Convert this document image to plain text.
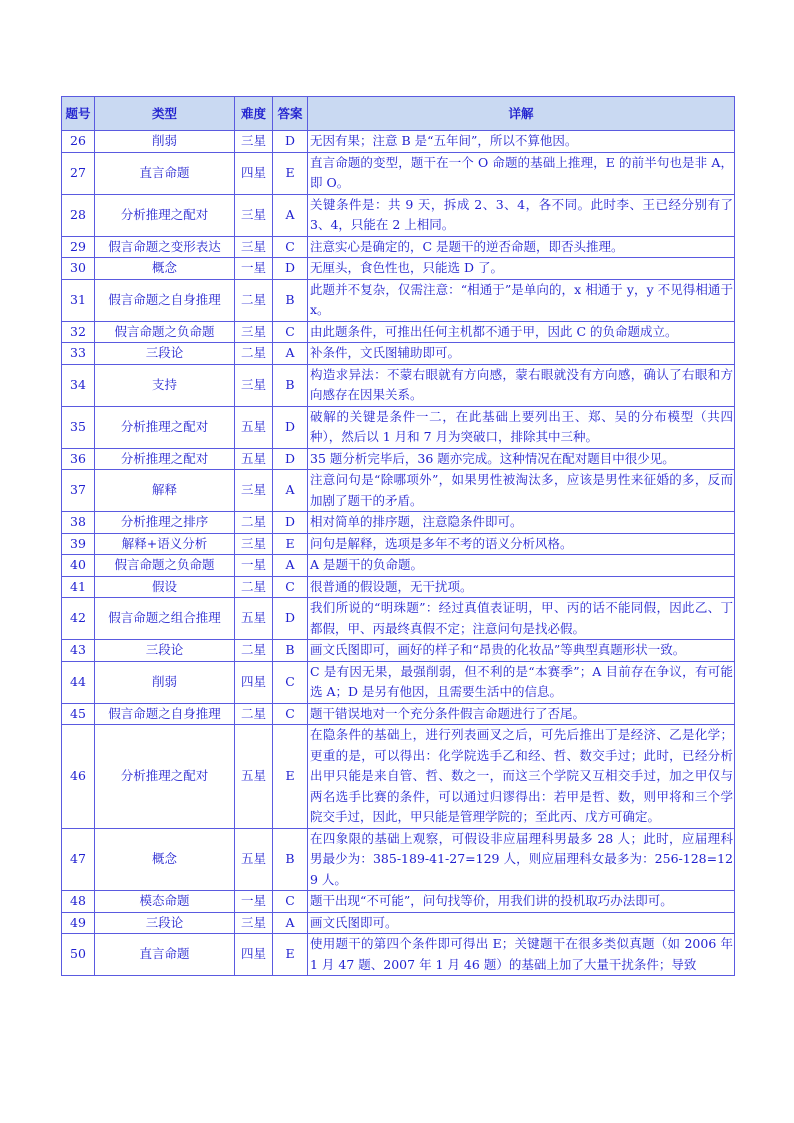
题号	类型	难度	答案	详解
26	削弱	三星	D	无因有果；注意 B 是“五年间”，所以不算他因。
27	直言命题	四星	E	直言命题的变型，题干在一个 O 命题的基础上推理，E 的前半句也是非 A，即 O。
28	分析推理之配对	三星	A	关键条件是：共 9 天，拆成 2、3、4，各不同。此时李、王已经分别有了 3、4，只能在 2 上相同。
29	假言命题之变形表达	三星	C	注意实心是确定的，C 是题干的逆否命题，即否头推理。
30	概念	一星	D	无厘头，食色性也，只能选 D 了。
31	假言命题之自身推理	二星	B	此题并不复杂，仅需注意：“相通于”是单向的，x 相通于 y，y 不见得相通于 x。
32	假言命题之负命题	三星	C	由此题条件，可推出任何主机都不通于甲，因此 C 的负命题成立。
33	三段论	二星	A	补条件，文氏图辅助即可。
34	支持	三星	B	构造求异法：不蒙右眼就有方向感，蒙右眼就没有方向感，确认了右眼和方向感存在因果关系。
35	分析推理之配对	五星	D	破解的关键是条件一二，在此基础上要列出王、郑、吴的分布模型（共四种），然后以 1 月和 7 月为突破口，排除其中三种。
36	分析推理之配对	五星	D	35 题分析完毕后，36 题亦完成。这种情况在配对题目中很少见。
37	解释	三星	A	注意问句是“除哪项外”，如果男性被淘汰多，应该是男性来征婚的多，反而加剧了题干的矛盾。
38	分析推理之排序	二星	D	相对简单的排序题，注意隐条件即可。
39	解释+语义分析	三星	E	问句是解释，选项是多年不考的语义分析风格。
40	假言命题之负命题	一星	A	A 是题干的负命题。
41	假设	二星	C	很普通的假设题，无干扰项。
42	假言命题之组合推理	五星	D	我们所说的“明珠题”：经过真值表证明，甲、丙的话不能同假，因此乙、丁都假，甲、丙最终真假不定；注意问句是找必假。
43	三段论	二星	B	画文氏图即可，画好的样子和“昂贵的化妆品”等典型真题形状一致。
44	削弱	四星	C	C 是有因无果，最强削弱，但不利的是“本赛季”；A 目前存在争议，有可能选 A；D 是另有他因，且需要生活中的信息。
45	假言命题之自身推理	二星	C	题干错误地对一个充分条件假言命题进行了否尾。
46	分析推理之配对	五星	E	在隐条件的基础上，进行列表画叉之后，可先后推出丁是经济、乙是化学；更重的是，可以得出：化学院选手乙和经、哲、数交手过；此时，已经分析出甲只能是来自管、哲、数之一，而这三个学院又互相交手过，加之甲仅与两名选手比赛的条件，可以通过归谬得出：若甲是哲、数，则甲将和三个学院交手过，因此，甲只能是管理学院的；至此丙、戊方可确定。
47	概念	五星	B	在四象限的基础上观察，可假设非应届理科男最多 28 人；此时，应届理科男最少为：385-189-41-27=129 人，则应届理科女最多为：256-128=129 人。
48	模态命题	一星	C	题干出现“不可能”，问句找等价，用我们讲的投机取巧办法即可。
49	三段论	三星	A	画文氏图即可。
50	直言命题	四星	E	使用题干的第四个条件即可得出 E；关键题干在很多类似真题（如 2006 年 1 月 47 题、2007 年 1 月 46 题）的基础上加了大量干扰条件；导致
